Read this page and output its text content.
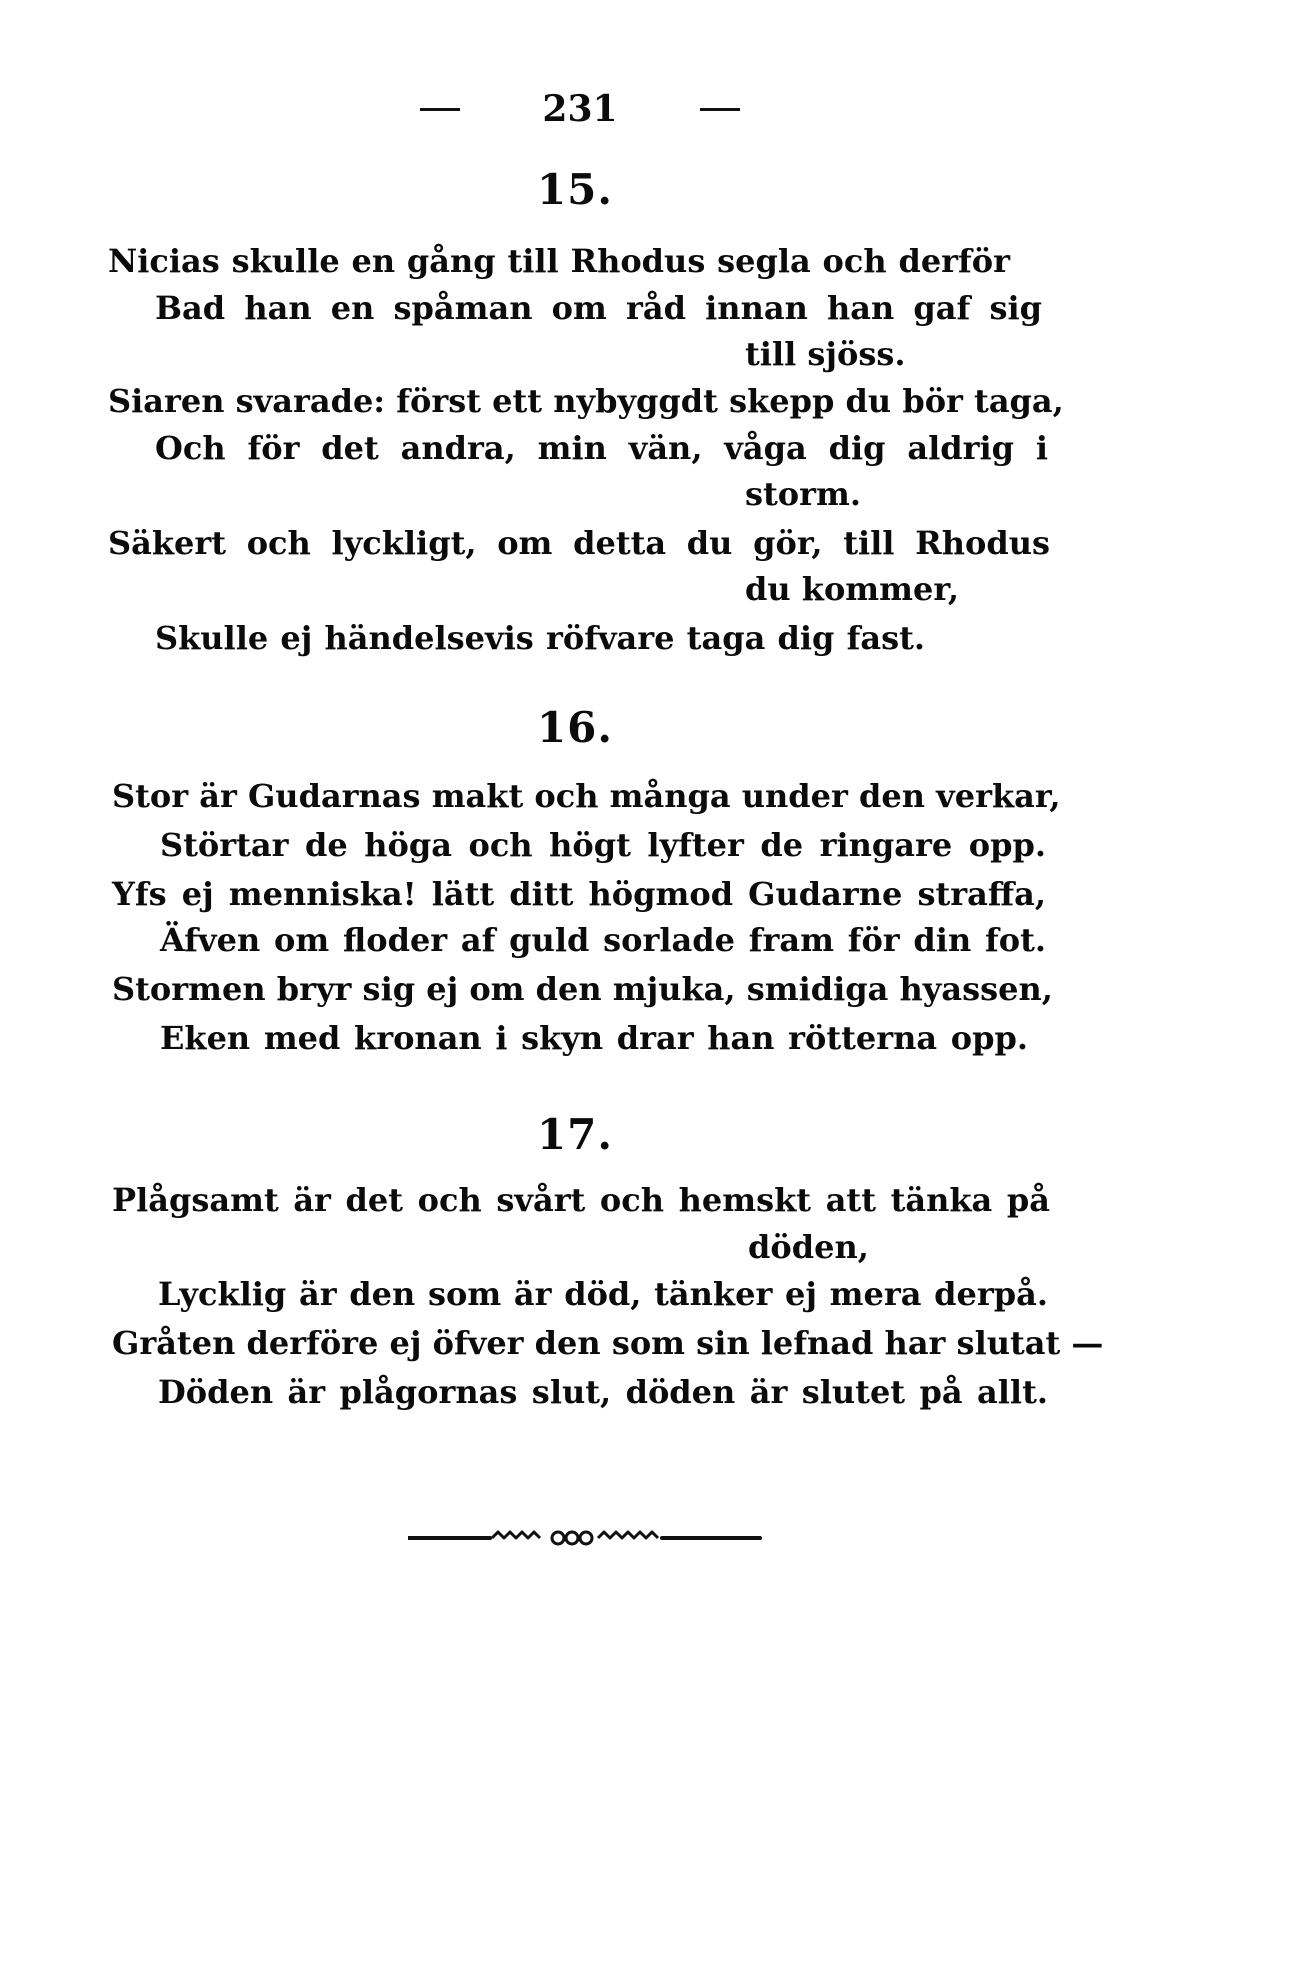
231
15.
Nicias skulle en gång till Rhodus segla och derför
Bad han en spåman om råd innan han gaf sig
till sjöss.
Siaren svarade: först ett nybyggdt skepp du bör taga,
Och för det andra, min vän, våga dig aldrig i
storm.
Säkert och lyckligt, om detta du gör, till Rhodus
du kommer,
Skulle ej händelsevis röfvare taga dig fast.
16.
Stor är Gudarnas makt och många under den verkar,
Störtar de höga och högt lyfter de ringare opp.
Yfs ej menniska! lätt ditt högmod Gudarne straffa,
Äfven om floder af guld sorlade fram för din fot.
Stormen bryr sig ej om den mjuka, smidiga hyassen,
Eken med kronan i skyn drar han rötterna opp.
17.
Plågsamt är det och svårt och hemskt att tänka på
döden,
Lycklig är den som är död, tänker ej mera derpå.
Gråten derföre ej öfver den som sin lefnad har slutat —
Döden är plågornas slut, döden är slutet på allt.
